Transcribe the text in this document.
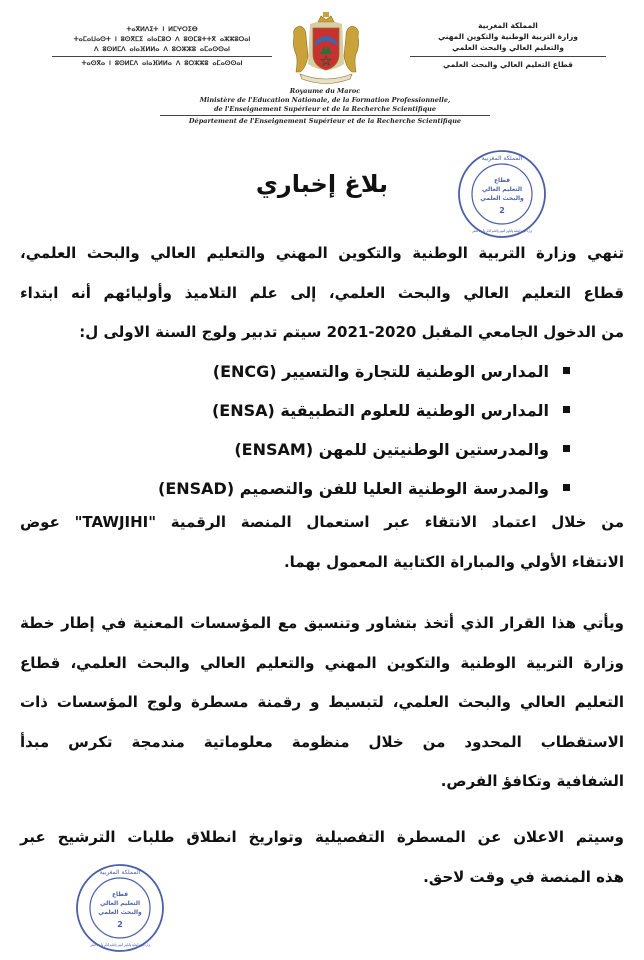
ⵜⴰⴳⵍⴷⵉⵜ ⵏ ⵍⵎⵖⵔⵉⴱ
ⵜⴰⵎⴰⵡⴰⵙⵜ ⵏ ⵓⵙⴳⵎⵉ ⴰⵏⴰⵎⵓⵔ ⴷ ⵓⵙⵎⵓⵜⵜⴳ ⴰⵣⵣⵓⵔⴰⵏ
ⴷ ⵓⵙⵍⵎⴷ ⴰⵏⴰⴼⵍⵍⴰ ⴷ ⵓⵔⵣⵣⵓ ⴰⵎⴰⵙⵙⴰⵏ
ⵜⴰⵙⴳⴰ ⵏ ⵓⵙⵍⵎⴷ ⴰⵏⴰⴼⵍⵍⴰ ⴷ ⵓⵔⵣⵣⵓ ⴰⵎⴰⵙⵙⴰⵏ
المملكة المغربية
وزارة التربية الوطنية والتكوين المهني
والتعليم العالي والبحث العلمي
قطاع التعليم العالي والبحث العلمي
Royaume du Maroc
Ministère de l'Education Nationale, de la Formation Professionnelle,
de l'Enseignement Supérieur et de la Recherche Scientifique
Département de l'Enseignement Supérieur et de la Recherche Scientifique
المملكة المغربية
وزارة التربية الوطنية والتكوين المهني والتعليم العالي والبحث العلمي
قطاع
التعليم العالي
والبحث العلمي
2
بلاغ إخباري
تنهي وزارة التربية الوطنية والتكوين المهني والتعليم العالي والبحث العلمي،
قطاع التعليم العالي والبحث العلمي، إلى علم التلاميذ وأوليائهم أنه ابتداء
من الدخول الجامعي المقبل 2020-2021 سيتم تدبير ولوج السنة الاولى ل:
المدارس الوطنية للتجارة والتسيير (ENCG)
المدارس الوطنية للعلوم التطبيقية (ENSA)
والمدرستين الوطنيتين للمهن (ENSAM)
والمدرسة الوطنية العليا للفن والتصميم (ENSAD)
من خلال اعتماد الانتقاء عبر استعمال المنصة الرقمية "TAWJIHI" عوض
الانتقاء الأولي والمباراة الكتابية المعمول بهما.
ويأتي هذا القرار الذي أتخذ بتشاور وتنسيق مع المؤسسات المعنية في إطار خطة
وزارة التربية الوطنية والتكوين المهني والتعليم العالي والبحث العلمي، قطاع
التعليم العالي والبحث العلمي، لتبسيط و رقمنة مسطرة ولوج المؤسسات ذات
الاستقطاب المحدود من خلال منظومة معلوماتية مندمجة تكرس مبدأ
الشفافية وتكافؤ الفرص.
وسيتم الاعلان عن المسطرة التفصيلية وتواريخ انطلاق طلبات الترشيح عبر
هذه المنصة في وقت لاحق.
المملكة المغربية
وزارة التربية الوطنية والتكوين المهني والتعليم العالي والبحث العلمي
قطاع
التعليم العالي
والبحث العلمي
2
